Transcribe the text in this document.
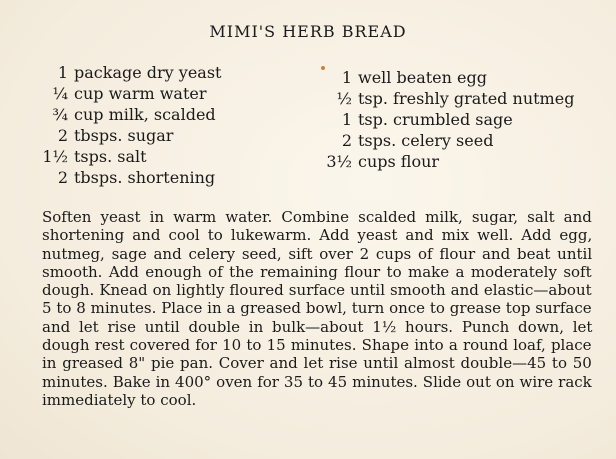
MIMI'S HERB BREAD
1 package dry yeast
¼ cup warm water
¾ cup milk, scalded
2 tbsps. sugar
1½ tsps. salt
2 tbsps. shortening
1 well beaten egg
½ tsp. freshly grated nutmeg
1 tsp. crumbled sage
2 tsps. celery seed
3½ cups flour

Soften yeast in warm water. Combine scalded milk, sugar, salt and
shortening and cool to lukewarm. Add yeast and mix well. Add egg,
nutmeg, sage and celery seed, sift over 2 cups of flour and beat until
smooth. Add enough of the remaining flour to make a moderately soft
dough. Knead on lightly floured surface until smooth and elastic—about
5 to 8 minutes. Place in a greased bowl, turn once to grease top surface
and let rise until double in bulk—about 1½ hours. Punch down, let
dough rest covered for 10 to 15 minutes. Shape into a round loaf, place
in greased 8" pie pan. Cover and let rise until almost double—45 to 50
minutes. Bake in 400° oven for 35 to 45 minutes. Slide out on wire rack
immediately to cool.
